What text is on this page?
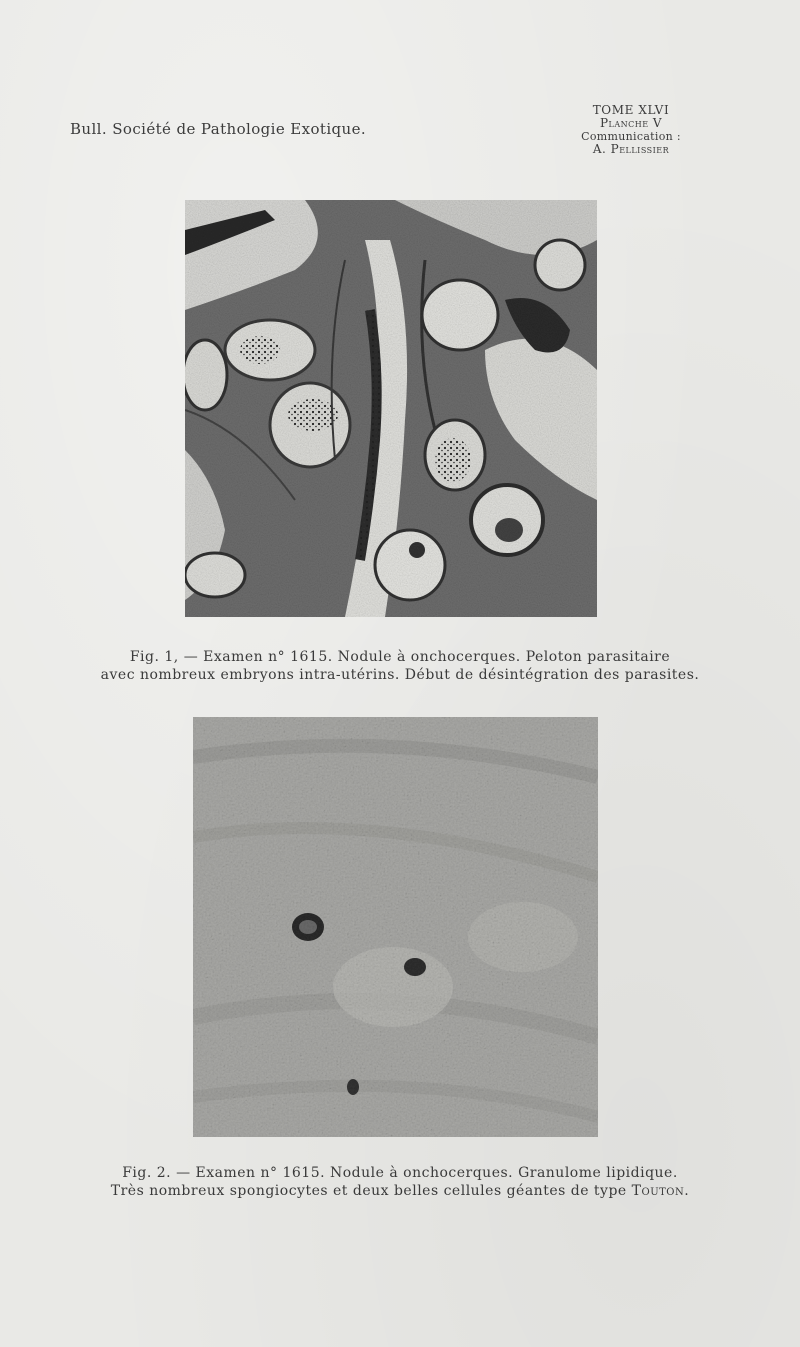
Bull. Société de Pathologie Exotique.
TOME XLVI
Planche V
Communication :
A. Pellissier
Fig. 1, — Examen n° 1615. Nodule à onchocerques. Peloton parasitaire
avec nombreux embryons intra-utérins. Début de désintégration des parasites.
Fig. 2. — Examen n° 1615. Nodule à onchocerques. Granulome lipidique.
Très nombreux spongiocytes et deux belles cellules géantes de type Touton.
